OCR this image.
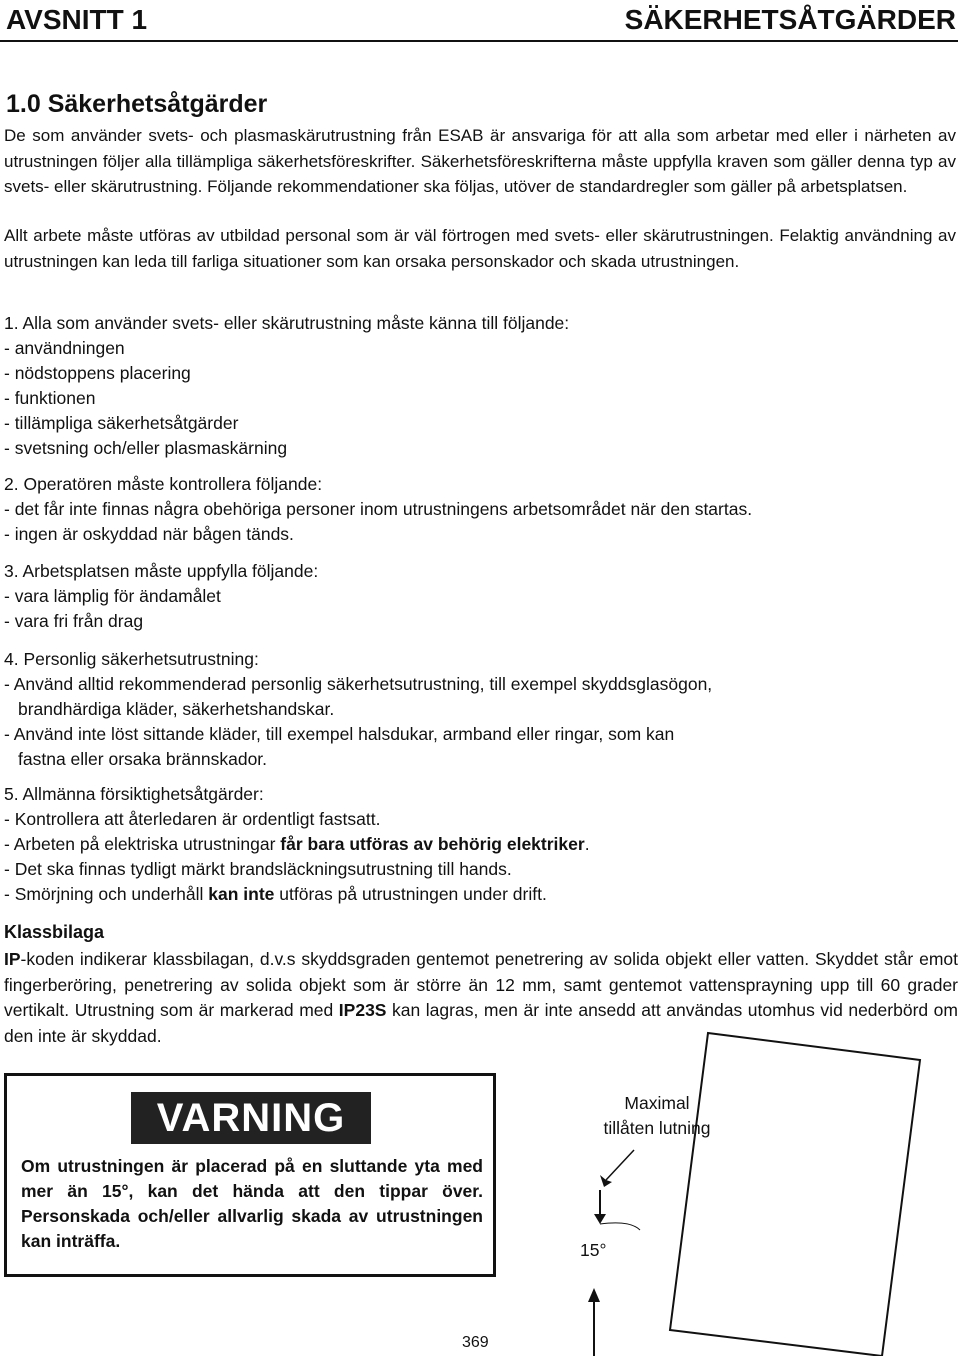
AVSNITT 1	SÄKERHETSÅTGÄRDER
1.0 Säkerhetsåtgärder

De som använder svets- och plasmaskärutrustning från ESAB är ansvariga för att alla som arbetar med eller i närheten av utrustningen följer alla tillämpliga säkerhetsföreskrifter. Säkerhetsföreskrifterna måste uppfylla kraven som gäller denna typ av svets- eller skärutrustning. Följande rekommendationer ska följas, utöver de standardregler som gäller på arbetsplatsen.

Allt arbete måste utföras av utbildad personal som är väl förtrogen med svets- eller skärutrustningen. Felaktig användning av utrustningen kan leda till farliga situationer som kan orsaka personskador och skada utrustningen.

1. Alla som använder svets- eller skärutrustning måste känna till följande:
- användningen
- nödstoppens placering
- funktionen
- tillämpliga säkerhetsåtgärder
- svetsning och/eller plasmaskärning
2. Operatören måste kontrollera följande:
- det får inte finnas några obehöriga personer inom utrustningens arbetsområdet när den startas.
- ingen är oskyddad när bågen tänds.
3. Arbetsplatsen måste uppfylla följande:
- vara lämplig för ändamålet
- vara fri från drag
4. Personlig säkerhetsutrustning:
- Använd alltid rekommenderad personlig säkerhetsutrustning, till exempel skyddsglasögon,
brandhärdiga kläder, säkerhetshandskar.
- Använd inte löst sittande kläder, till exempel halsdukar, armband eller ringar, som kan
fastna eller orsaka brännskador.
5. Allmänna försiktighetsåtgärder:
- Kontrollera att återledaren är ordentligt fastsatt.
- Arbeten på elektriska utrustningar får bara utföras av behörig elektriker.
- Det ska finnas tydligt märkt brandsläckningsutrustning till hands.
- Smörjning och underhåll kan inte utföras på utrustningen under drift.
Klassbilaga

IP-koden indikerar klassbilagan, d.v.s skyddsgraden gentemot penetrering av solida objekt eller vatten. Skyddet står emot fingerberöring, penetrering av solida objekt som är större än 12 mm, samt gentemot vattensprayning upp till 60 grader vertikalt. Utrustning som är markerad med IP23S kan lagras, men är inte ansedd att användas utomhus vid nederbörd om den inte är skyddad.

VARNING
Om utrustningen är placerad på en sluttande yta med mer än 15°, kan det hända att den tippar över. Personskada och/eller allvarlig skada av utrustningen kan inträffa.
Maximal
tillåten lutning
15°
369
